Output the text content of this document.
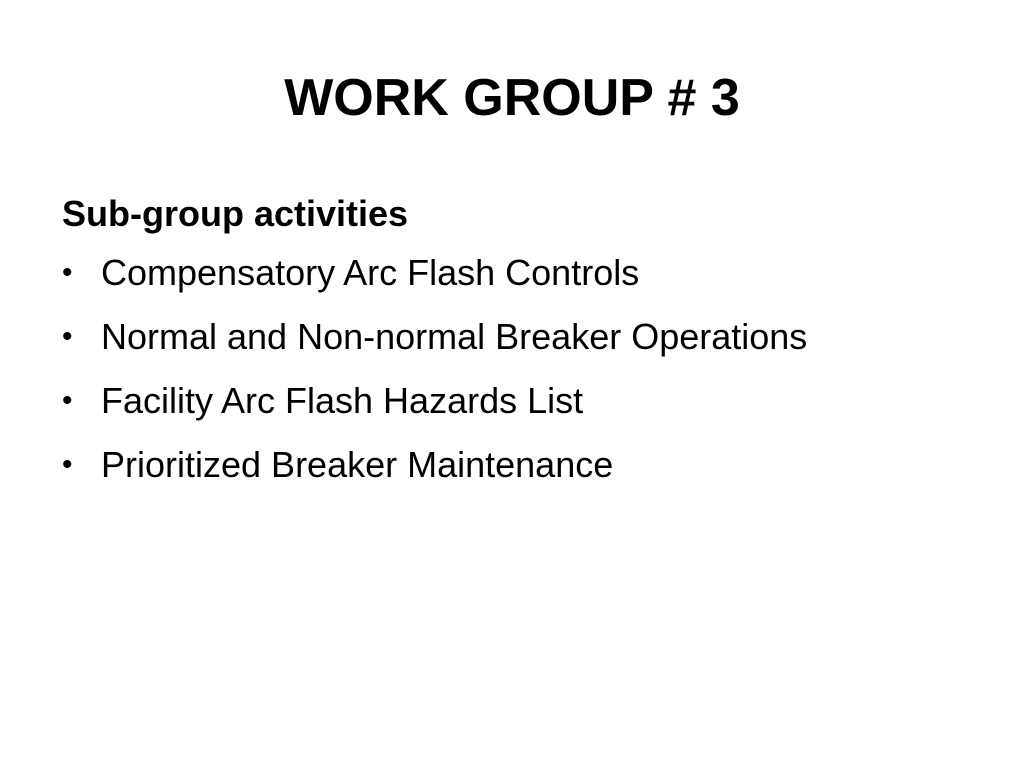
WORK GROUP # 3

Sub-group activities

• Compensatory Arc Flash Controls
• Normal and Non-normal Breaker Operations
• Facility Arc Flash Hazards List
• Prioritized Breaker Maintenance
